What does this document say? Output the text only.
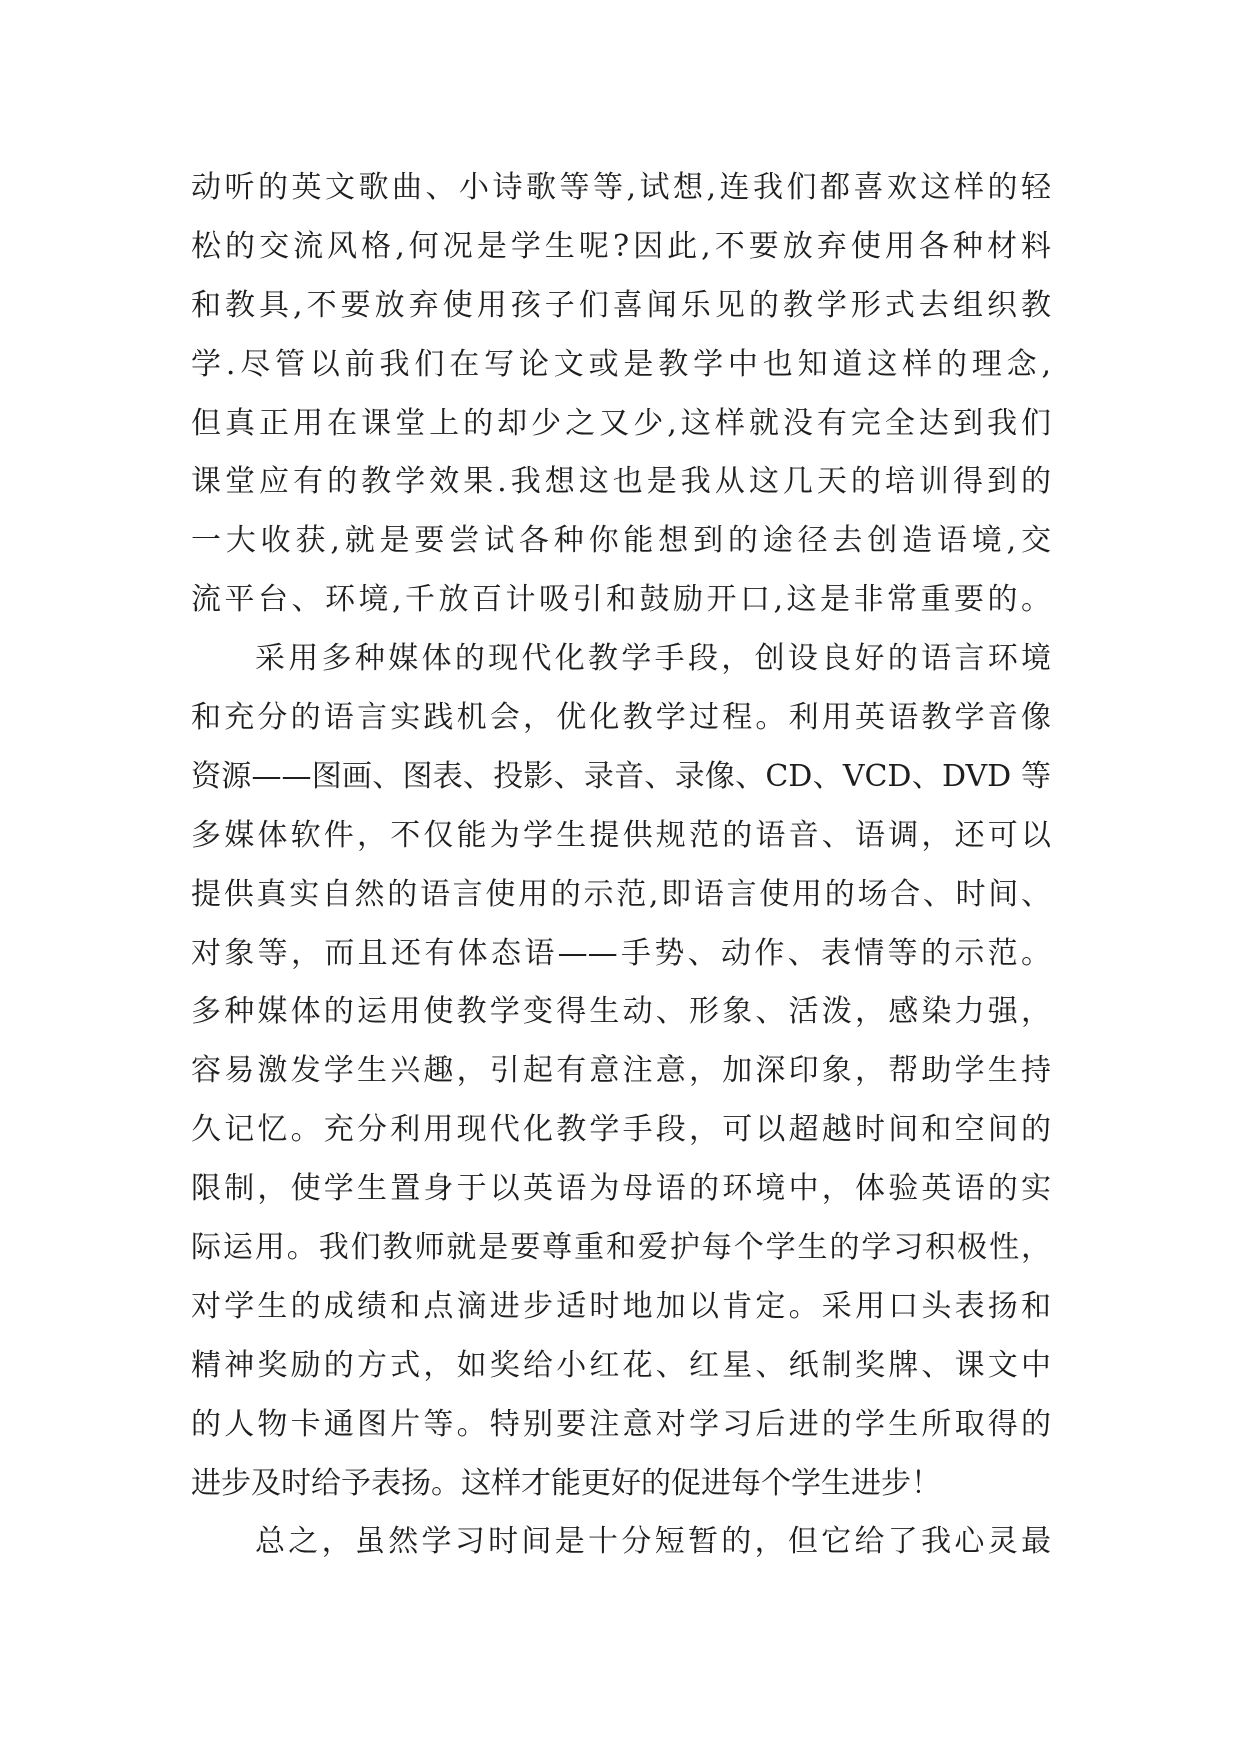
动听的英文歌曲、小诗歌等等,试想,连我们都喜欢这样的轻
松的交流风格,何况是学生呢?因此,不要放弃使用各种材料
和教具,不要放弃使用孩子们喜闻乐见的教学形式去组织教
学.尽管以前我们在写论文或是教学中也知道这样的理念,
但真正用在课堂上的却少之又少,这样就没有完全达到我们
课堂应有的教学效果.我想这也是我从这几天的培训得到的
一大收获,就是要尝试各种你能想到的途径去创造语境,交
流平台、环境,千放百计吸引和鼓励开口,这是非常重要的。
采用多种媒体的现代化教学手段，创设良好的语言环境
和充分的语言实践机会，优化教学过程。利用英语教学音像
资源——图画、图表、投影、录音、录像、CD、VCD、DVD 等
多媒体软件，不仅能为学生提供规范的语音、语调，还可以
提供真实自然的语言使用的示范,即语言使用的场合、时间、
对象等，而且还有体态语——手势、动作、表情等的示范。
多种媒体的运用使教学变得生动、形象、活泼，感染力强，
容易激发学生兴趣，引起有意注意，加深印象，帮助学生持
久记忆。充分利用现代化教学手段，可以超越时间和空间的
限制，使学生置身于以英语为母语的环境中，体验英语的实
际运用。我们教师就是要尊重和爱护每个学生的学习积极性，
对学生的成绩和点滴进步适时地加以肯定。采用口头表扬和
精神奖励的方式，如奖给小红花、红星、纸制奖牌、课文中
的人物卡通图片等。特别要注意对学习后进的学生所取得的
进步及时给予表扬。这样才能更好的促进每个学生进步！
总之，虽然学习时间是十分短暂的，但它给了我心灵最
